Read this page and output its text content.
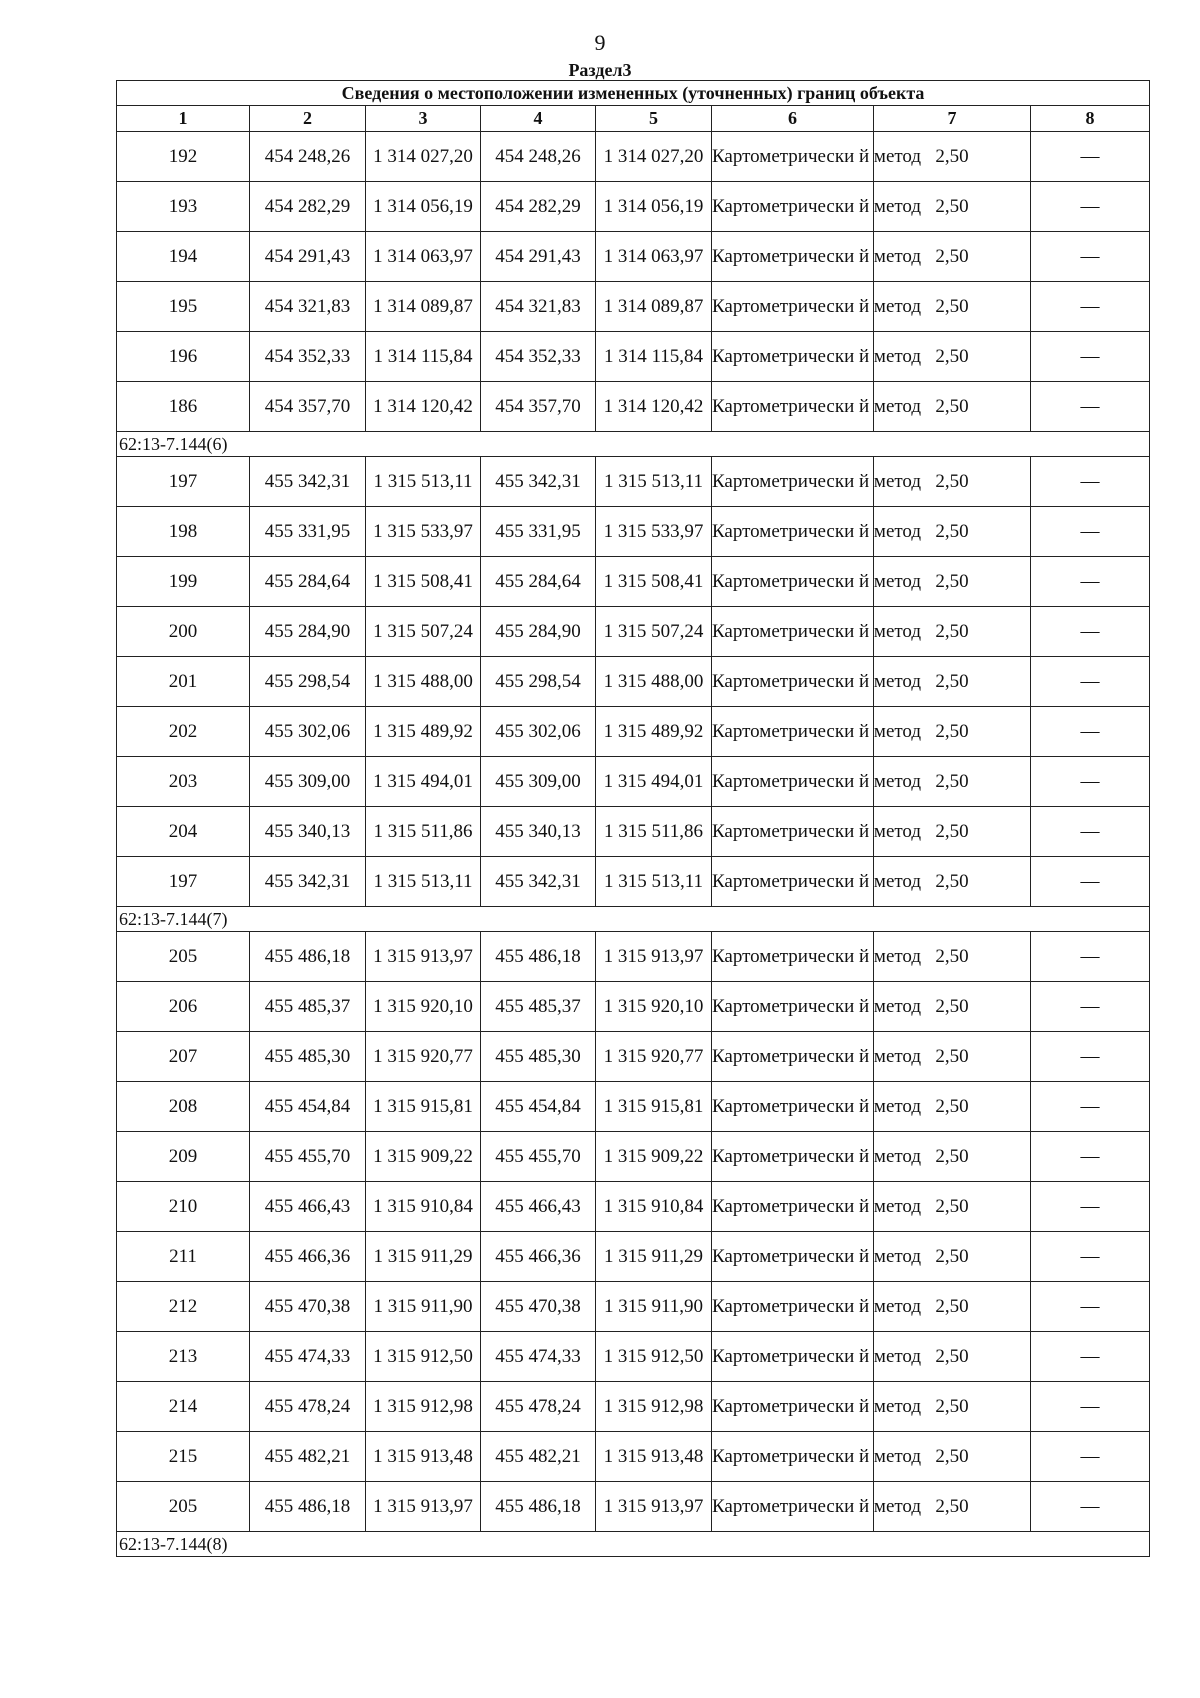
9
Раздел3
Сведения о местоположении измененных (уточненных) границ объекта							
1	2	3	4	5	6	7	8
192	454 248,26	1 314 027,20	454 248,26	1 314 027,20	Картометрически й метод	2,50	—
193	454 282,29	1 314 056,19	454 282,29	1 314 056,19	Картометрически й метод	2,50	—
194	454 291,43	1 314 063,97	454 291,43	1 314 063,97	Картометрически й метод	2,50	—
195	454 321,83	1 314 089,87	454 321,83	1 314 089,87	Картометрически й метод	2,50	—
196	454 352,33	1 314 115,84	454 352,33	1 314 115,84	Картометрически й метод	2,50	—
186	454 357,70	1 314 120,42	454 357,70	1 314 120,42	Картометрически й метод	2,50	—
62:13-7.144(6)							
197	455 342,31	1 315 513,11	455 342,31	1 315 513,11	Картометрически й метод	2,50	—
198	455 331,95	1 315 533,97	455 331,95	1 315 533,97	Картометрически й метод	2,50	—
199	455 284,64	1 315 508,41	455 284,64	1 315 508,41	Картометрически й метод	2,50	—
200	455 284,90	1 315 507,24	455 284,90	1 315 507,24	Картометрически й метод	2,50	—
201	455 298,54	1 315 488,00	455 298,54	1 315 488,00	Картометрически й метод	2,50	—
202	455 302,06	1 315 489,92	455 302,06	1 315 489,92	Картометрически й метод	2,50	—
203	455 309,00	1 315 494,01	455 309,00	1 315 494,01	Картометрически й метод	2,50	—
204	455 340,13	1 315 511,86	455 340,13	1 315 511,86	Картометрически й метод	2,50	—
197	455 342,31	1 315 513,11	455 342,31	1 315 513,11	Картометрически й метод	2,50	—
62:13-7.144(7)							
205	455 486,18	1 315 913,97	455 486,18	1 315 913,97	Картометрически й метод	2,50	—
206	455 485,37	1 315 920,10	455 485,37	1 315 920,10	Картометрически й метод	2,50	—
207	455 485,30	1 315 920,77	455 485,30	1 315 920,77	Картометрически й метод	2,50	—
208	455 454,84	1 315 915,81	455 454,84	1 315 915,81	Картометрически й метод	2,50	—
209	455 455,70	1 315 909,22	455 455,70	1 315 909,22	Картометрически й метод	2,50	—
210	455 466,43	1 315 910,84	455 466,43	1 315 910,84	Картометрически й метод	2,50	—
211	455 466,36	1 315 911,29	455 466,36	1 315 911,29	Картометрически й метод	2,50	—
212	455 470,38	1 315 911,90	455 470,38	1 315 911,90	Картометрически й метод	2,50	—
213	455 474,33	1 315 912,50	455 474,33	1 315 912,50	Картометрически й метод	2,50	—
214	455 478,24	1 315 912,98	455 478,24	1 315 912,98	Картометрически й метод	2,50	—
215	455 482,21	1 315 913,48	455 482,21	1 315 913,48	Картометрически й метод	2,50	—
205	455 486,18	1 315 913,97	455 486,18	1 315 913,97	Картометрически й метод	2,50	—
62:13-7.144(8)							
